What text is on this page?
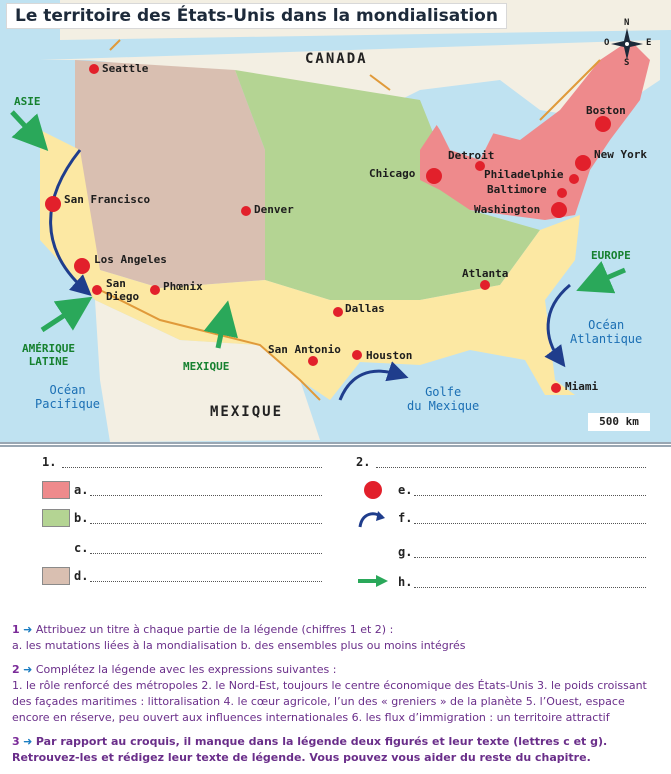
Le territoire des États-Unis dans la mondialisation
CANADA
MEXIQUE
Océan
Pacifique
Océan
Atlantique
Golfe
du Mexique
ASIE
EUROPE
AMÉRIQUE
LATINE	MEXIQUE
Seattle
San Francisco
Los Angeles
San
Diego
Phœnix
Denver
Dallas
San Antonio Houston
Atlanta
Miami
Chicago
Detroit
Philadelphie
Baltimore
Washington
New York
Boston
N
O	E
S
500 km
1.
a.
b.
c.
d.
2.
e.
f.
g.
h.
1 ➜ Attribuez un titre à chaque partie de la légende (chiffres 1 et 2) :
a. les mutations liées à la mondialisation b. des ensembles plus ou moins intégrés
2 ➜ Complétez la légende avec les expressions suivantes :
1. le rôle renforcé des métropoles 2. le Nord-Est, toujours le centre économique des États-Unis 3. le poids croissant des façades maritimes : littoralisation 4. le cœur agricole, l’un des « greniers » de la planète 5. l’Ouest, espace encore en réserve, peu ouvert aux influences internationales 6. les flux d’immigration : un territoire attractif
3 ➜ Par rapport au croquis, il manque dans la légende deux figurés et leur texte (lettres c et g). Retrouvez-les et rédigez leur texte de légende. Vous pouvez vous aider du reste du chapitre.
